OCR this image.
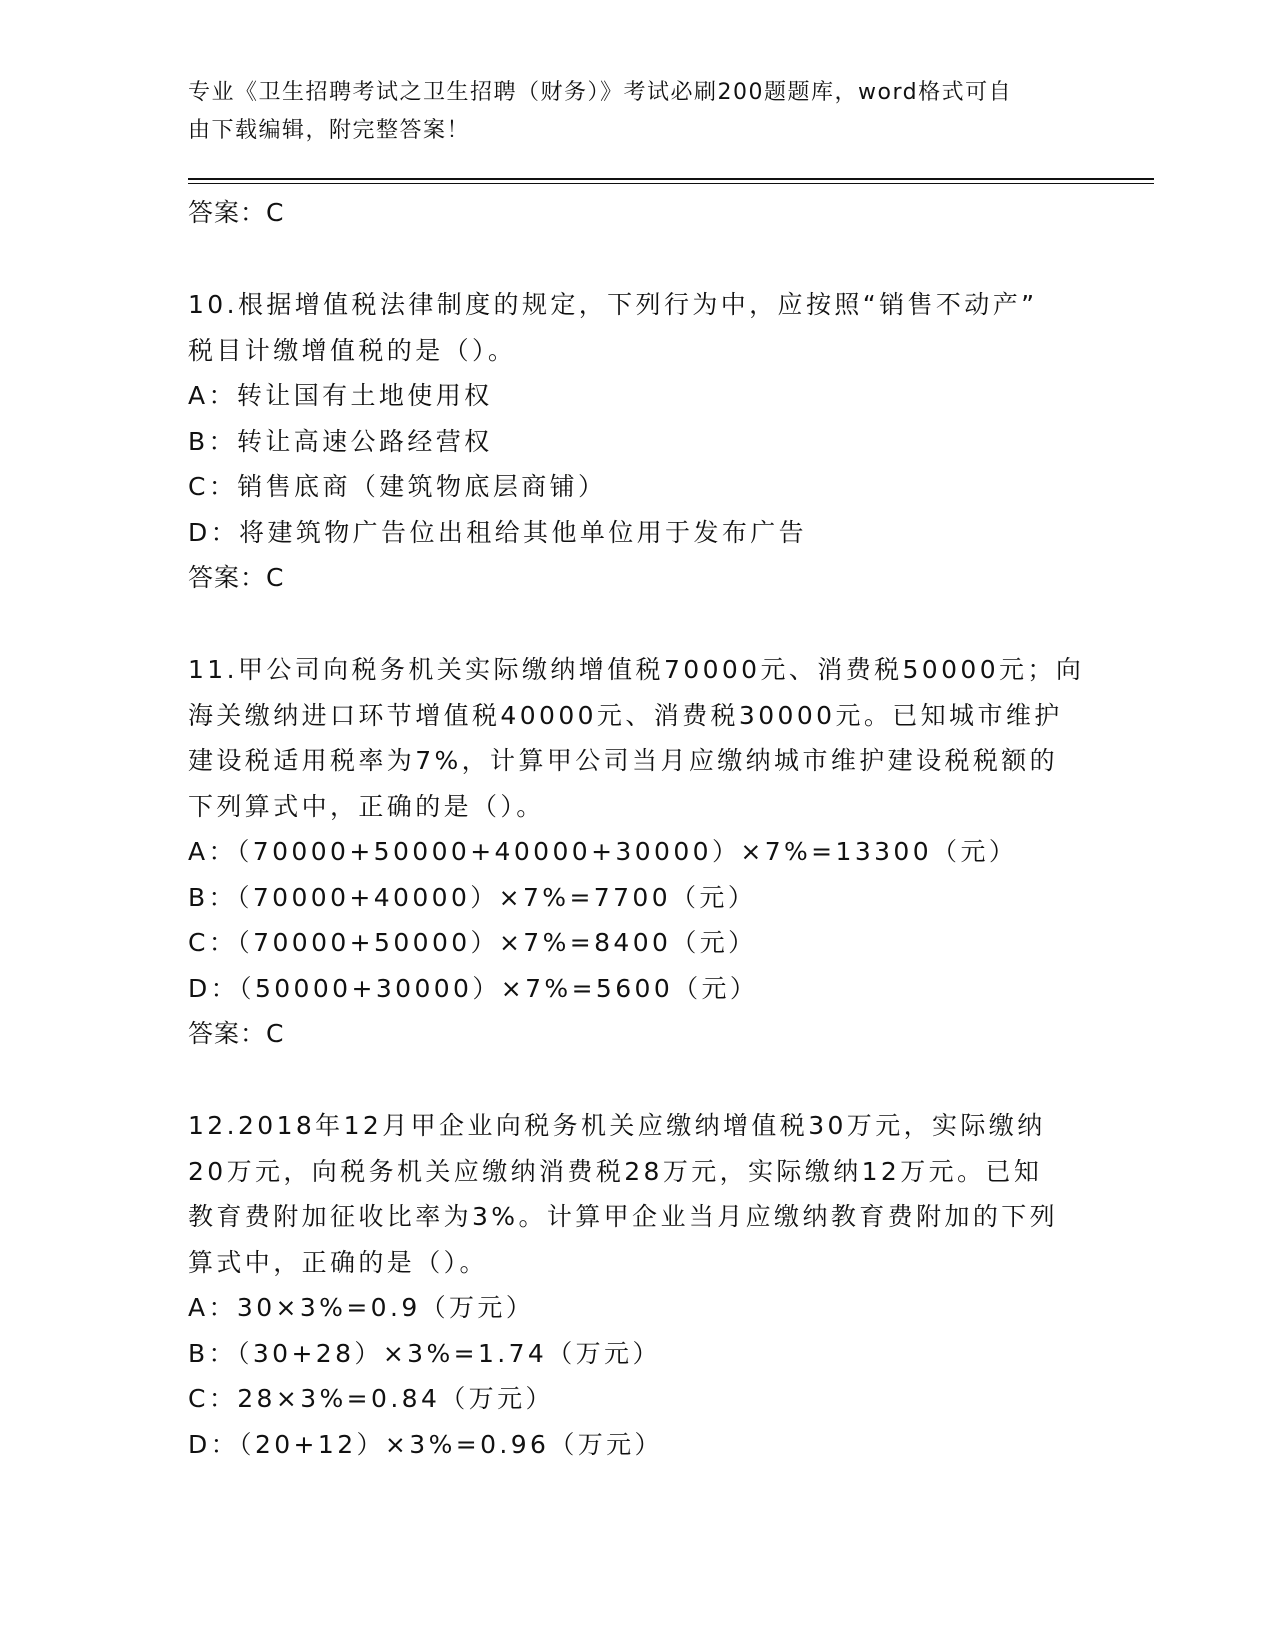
专业《卫生招聘考试之卫生招聘（财务）》考试必刷200题题库，word格式可自
由下载编辑，附完整答案！

答案：C

10.根据增值税法律制度的规定，下列行为中，应按照“销售不动产”

税目计缴增值税的是（）。

A：转让国有土地使用权

B：转让高速公路经营权

C：销售底商（建筑物底层商铺）

D：将建筑物广告位出租给其他单位用于发布广告

答案：C

11.甲公司向税务机关实际缴纳增值税70000元、消费税50000元；向

海关缴纳进口环节增值税40000元、消费税30000元。已知城市维护

建设税适用税率为7%，计算甲公司当月应缴纳城市维护建设税税额的

下列算式中，正确的是（）。

A：（70000+50000+40000+30000）×7%=13300（元）

B：（70000+40000）×7%=7700（元）

C：（70000+50000）×7%=8400（元）

D：（50000+30000）×7%=5600（元）

答案：C

12.2018年12月甲企业向税务机关应缴纳增值税30万元，实际缴纳

20万元，向税务机关应缴纳消费税28万元，实际缴纳12万元。已知

教育费附加征收比率为3%。计算甲企业当月应缴纳教育费附加的下列

算式中，正确的是（）。

A：30×3%=0.9（万元）

B：（30+28）×3%=1.74（万元）

C：28×3%=0.84（万元）

D：（20+12）×3%=0.96（万元）
